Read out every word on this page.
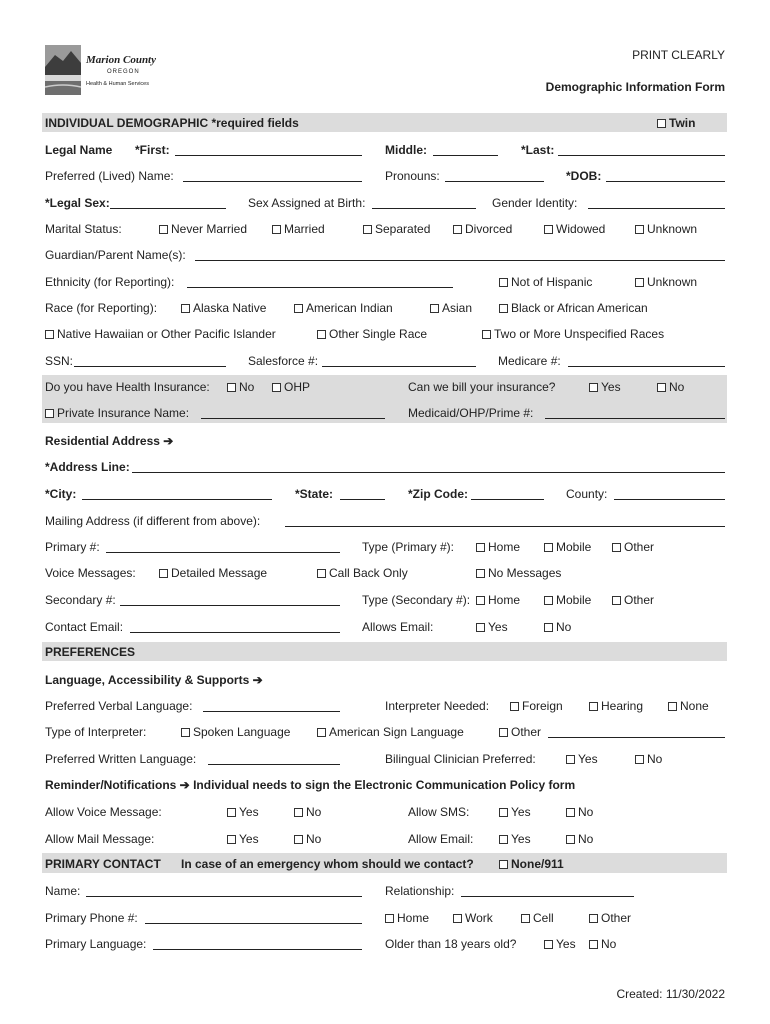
Marion County
OREGON
Health & Human Services
PRINT CLEARLY
Demographic Information Form
INDIVIDUAL DEMOGRAPHIC *required fields	Twin
Legal Name *First:	Middle:	*Last:
Preferred (Lived) Name:	Pronouns:	*DOB:
*Legal Sex:	Sex Assigned at Birth:	Gender Identity:
Marital Status:	Never Married	Married	Separated	Divorced	Widowed	Unknown
Guardian/Parent Name(s):
Ethnicity (for Reporting):	Not of Hispanic	Unknown
Race (for Reporting):	Alaska Native	American Indian	Asian	Black or African American
Native Hawaiian or Other Pacific Islander	Other Single Race	Two or More Unspecified Races
SSN:	Salesforce #:	Medicare #:
Do you have Health Insurance:	No	OHP	Can we bill your insurance?	Yes	No
Private Insurance Name:	Medicaid/OHP/Prime #:
Residential Address ➔
*Address Line:
*City:	*State:	*Zip Code:	County:
Mailing Address (if different from above):
Primary #:	Type (Primary #):	Home	Mobile	Other
Voice Messages:	Detailed Message	Call Back Only	No Messages
Secondary #:	Type (Secondary #):	Home	Mobile	Other
Contact Email:	Allows Email:	Yes	No
PREFERENCES
Language, Accessibility & Supports ➔
Preferred Verbal Language:	Interpreter Needed:	Foreign	Hearing	None
Type of Interpreter:	Spoken Language	American Sign Language	Other
Preferred Written Language:	Bilingual Clinician Preferred:	Yes	No
Reminder/Notifications ➔ Individual needs to sign the Electronic Communication Policy form
Allow Voice Message:	Yes	No	Allow SMS:	Yes	No
Allow Mail Message:	Yes	No	Allow Email:	Yes	No
PRIMARY CONTACT In case of an emergency whom should we contact?	None/911
Name:	Relationship:
Primary Phone #:	Home	Work	Cell	Other
Primary Language:	Older than 18 years old?	Yes	No
Created: 11/30/2022
